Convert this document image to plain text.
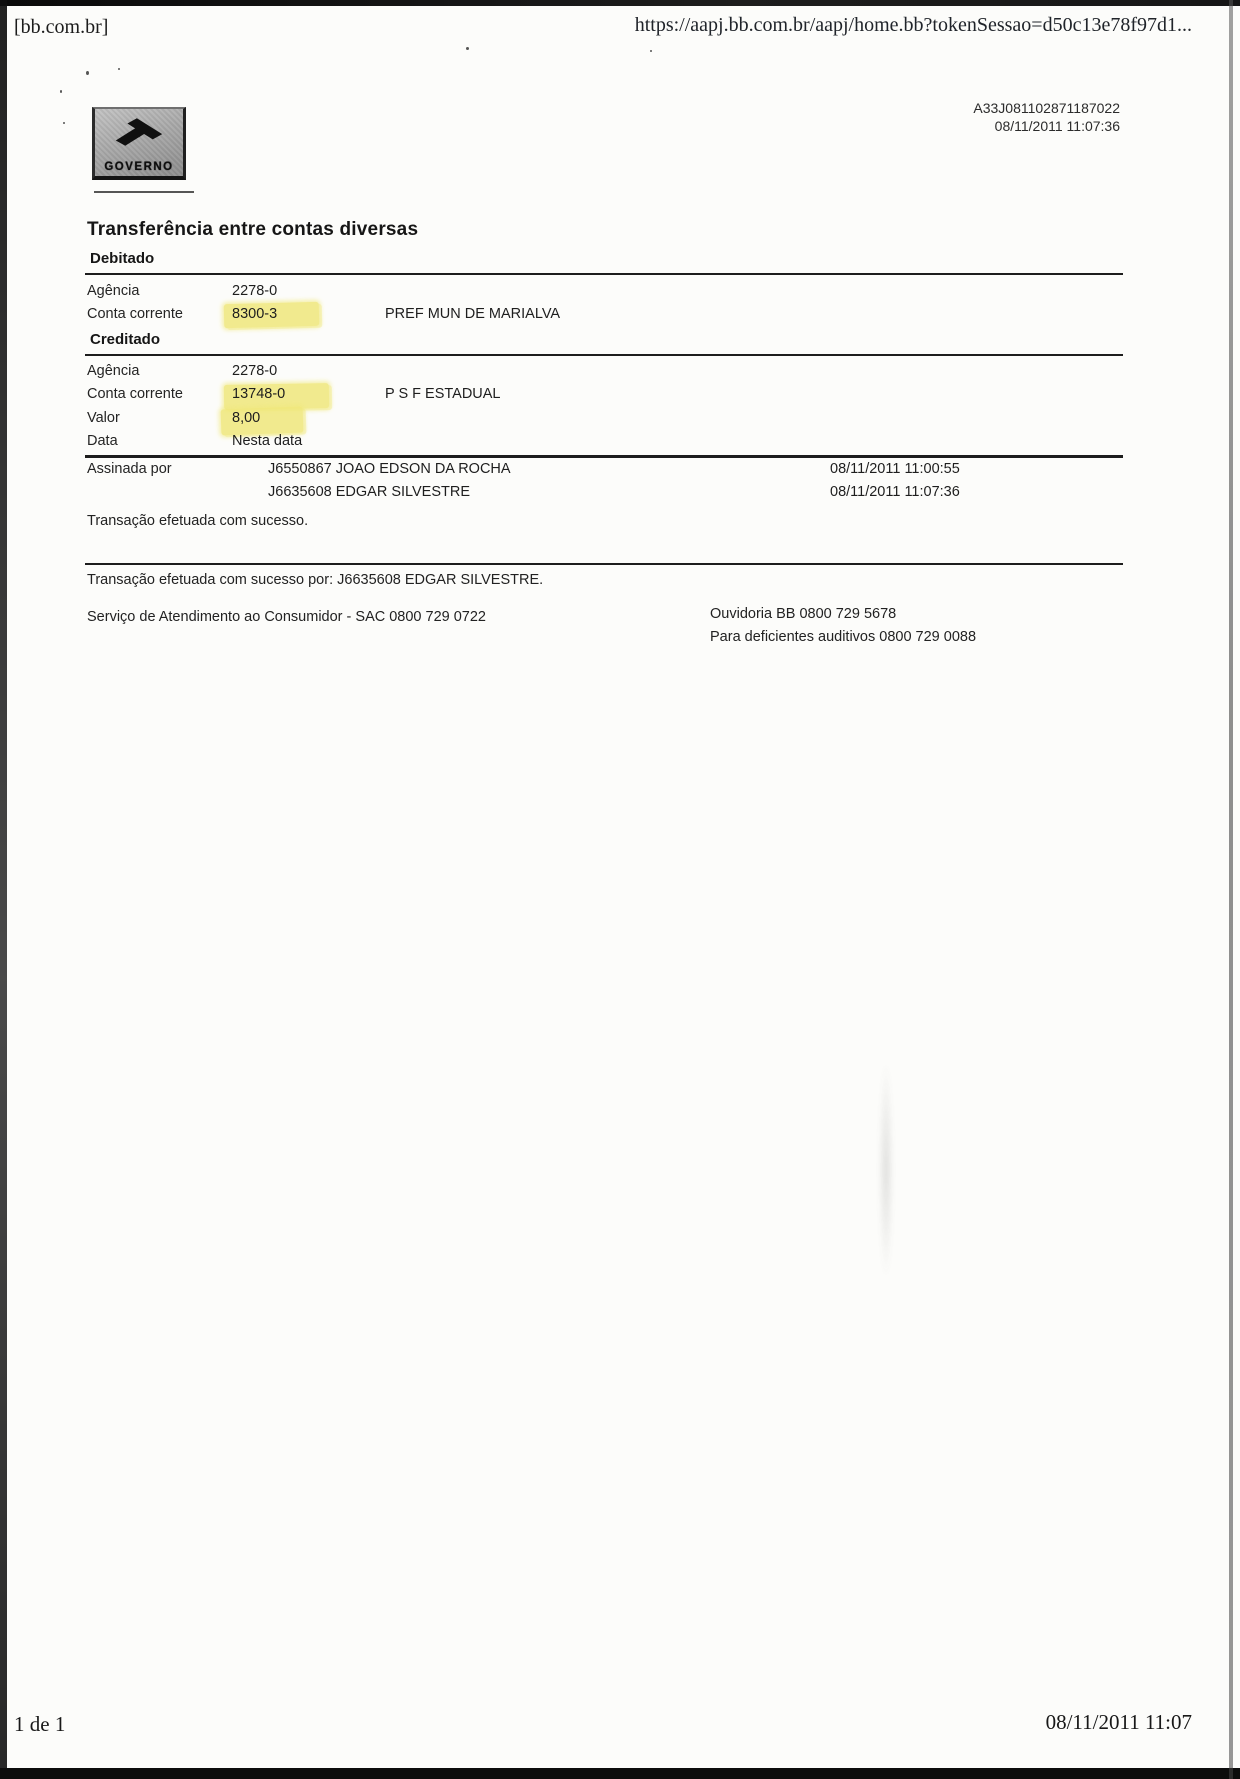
[bb.com.br]	https://aapj.bb.com.br/aapj/home.bb?tokenSessao=d50c13e78f97d1...
GOVERNO
A33J081102871187022
08/11/2011 11:07:36
Transferência entre contas diversas
Debitado
Agência	2278-0
Conta corrente	8300-3	PREF MUN DE MARIALVA
Creditado
Agência	2278-0
Conta corrente	13748-0	P S F ESTADUAL
Valor	8,00
Data	Nesta data
Assinada por	J6550867 JOAO EDSON DA ROCHA	08/11/2011 11:00:55
J6635608 EDGAR SILVESTRE	08/11/2011 11:07:36
Transação efetuada com sucesso.
Transação efetuada com sucesso por: J6635608 EDGAR SILVESTRE.
Serviço de Atendimento ao Consumidor - SAC 0800 729 0722	Ouvidoria BB 0800 729 5678
Para deficientes auditivos 0800 729 0088
1 de 1	08/11/2011 11:07
